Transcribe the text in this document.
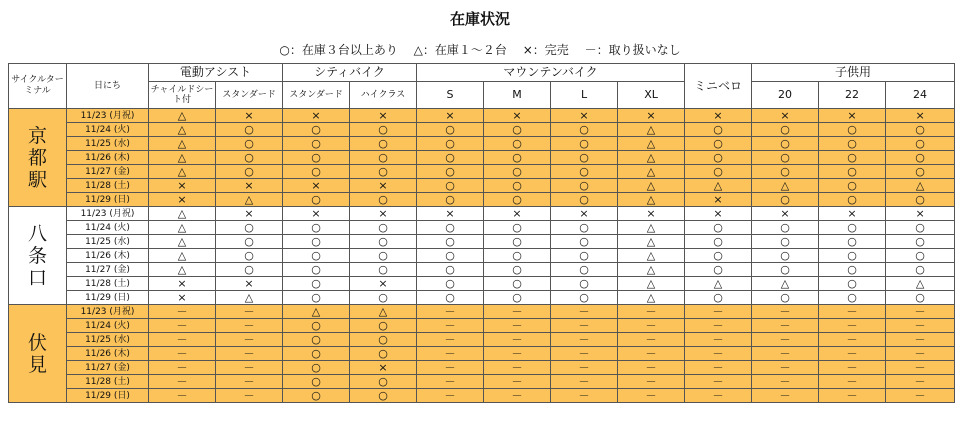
在庫状況
○：在庫３台以上あり △：在庫１～２台 ×：完売 －：取り扱いなし
サイクルターミナル	日にち	電動アシスト		シティバイク		マウンテンバイク				ミニベロ	子供用		
		チャイルドシート付	スタンダード	スタンダード	ハイクラス	S	M	L	XL		20	22	24
京都駅	11/23 (月祝)	△	×	×	×	×	×	×	×	×	×	×	×
	11/24 (火)	△	○	○	○	○	○	○	△	○	○	○	○
	11/25 (水)	△	○	○	○	○	○	○	△	○	○	○	○
	11/26 (木)	△	○	○	○	○	○	○	△	○	○	○	○
	11/27 (金)	△	○	○	○	○	○	○	△	○	○	○	○
	11/28 (土)	×	×	×	×	○	○	○	△	△	△	○	△
	11/29 (日)	×	△	○	○	○	○	○	△	×	○	○	○
八条口	11/23 (月祝)	△	×	×	×	×	×	×	×	×	×	×	×
	11/24 (火)	△	○	○	○	○	○	○	△	○	○	○	○
	11/25 (水)	△	○	○	○	○	○	○	△	○	○	○	○
	11/26 (木)	△	○	○	○	○	○	○	△	○	○	○	○
	11/27 (金)	△	○	○	○	○	○	○	△	○	○	○	○
	11/28 (土)	×	×	○	×	○	○	○	△	△	△	○	△
	11/29 (日)	×	△	○	○	○	○	○	△	○	○	○	○
伏見	11/23 (月祝)	－	－	△	△	－	－	－	－	－	－	－	－
	11/24 (火)	－	－	○	○	－	－	－	－	－	－	－	－
	11/25 (水)	－	－	○	○	－	－	－	－	－	－	－	－
	11/26 (木)	－	－	○	○	－	－	－	－	－	－	－	－
	11/27 (金)	－	－	○	×	－	－	－	－	－	－	－	－
	11/28 (土)	－	－	○	○	－	－	－	－	－	－	－	－
	11/29 (日)	－	－	○	○	－	－	－	－	－	－	－	－
